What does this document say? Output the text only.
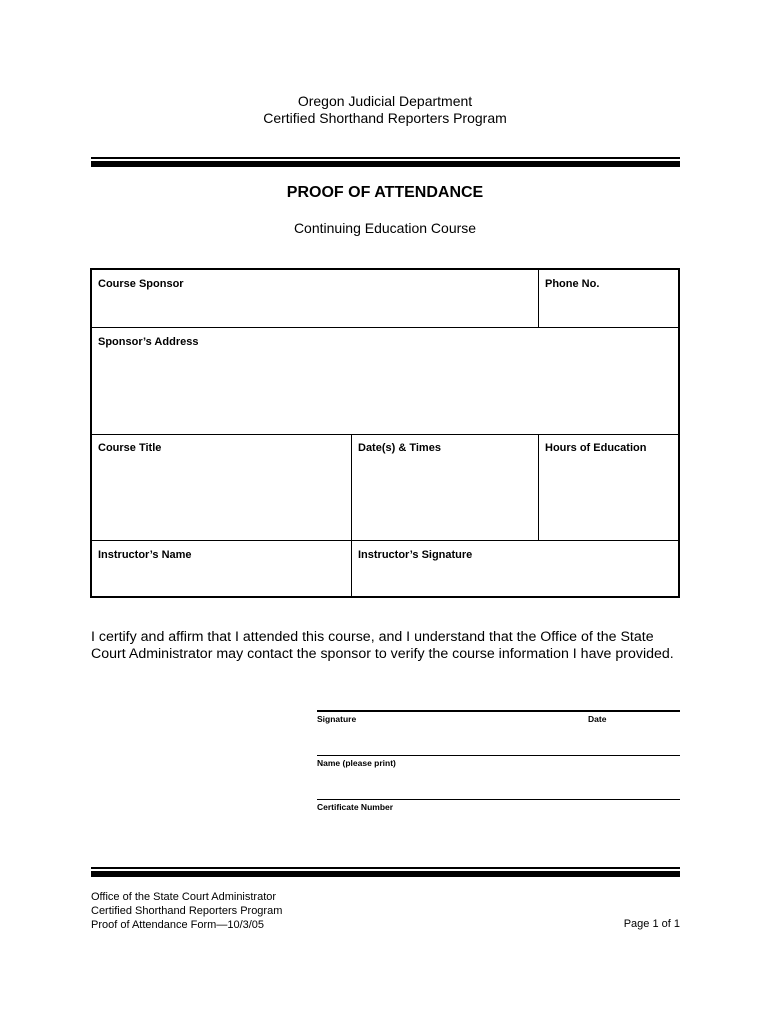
Oregon Judicial Department
Certified Shorthand Reporters Program
PROOF OF ATTENDANCE
Continuing Education Course
Course Sponsor	Phone No.
Sponsor’s Address
Course Title	Date(s) & Times	Hours of Education
Instructor’s Name	Instructor’s Signature
I certify and affirm that I attended this course, and I understand that the Office of the State Court Administrator may contact the sponsor to verify the course information I have provided.
Signature	Date
Name (please print)
Certificate Number
Office of the State Court Administrator
Certified Shorthand Reporters Program
Proof of Attendance Form—10/3/05	Page 1 of 1
